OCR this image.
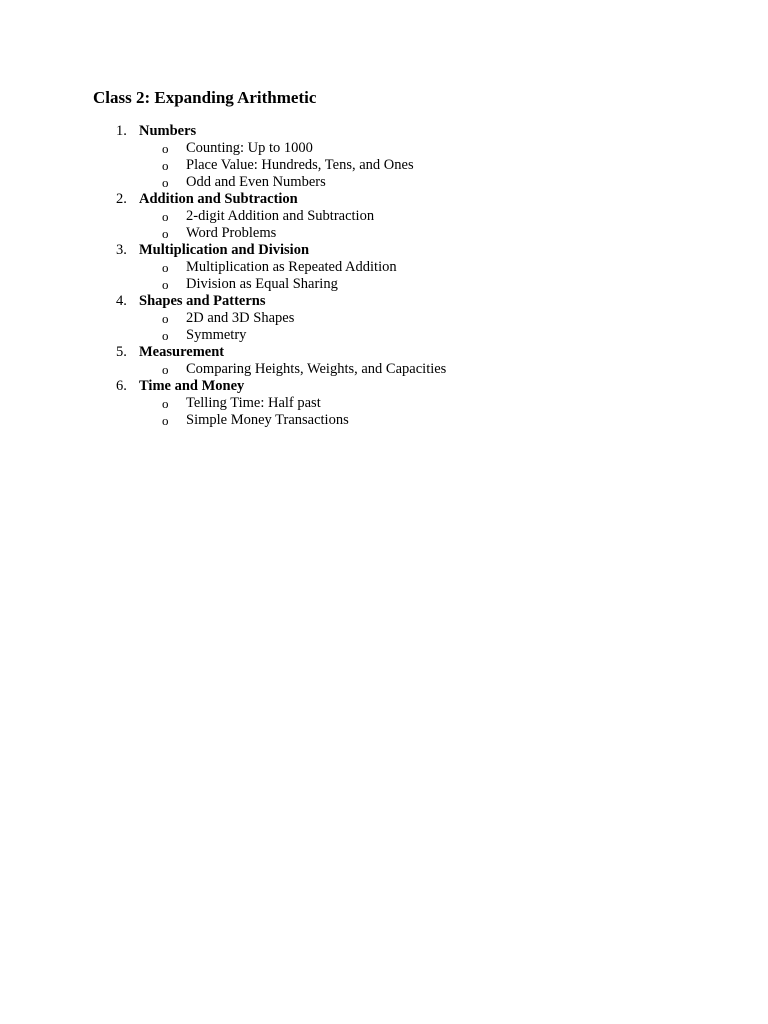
Class 2: Expanding Arithmetic
1. Numbers
o Counting: Up to 1000
o Place Value: Hundreds, Tens, and Ones
o Odd and Even Numbers
2. Addition and Subtraction
o 2-digit Addition and Subtraction
o Word Problems
3. Multiplication and Division
o Multiplication as Repeated Addition
o Division as Equal Sharing
4. Shapes and Patterns
o 2D and 3D Shapes
o Symmetry
5. Measurement
o Comparing Heights, Weights, and Capacities
6. Time and Money
o Telling Time: Half past
o Simple Money Transactions
